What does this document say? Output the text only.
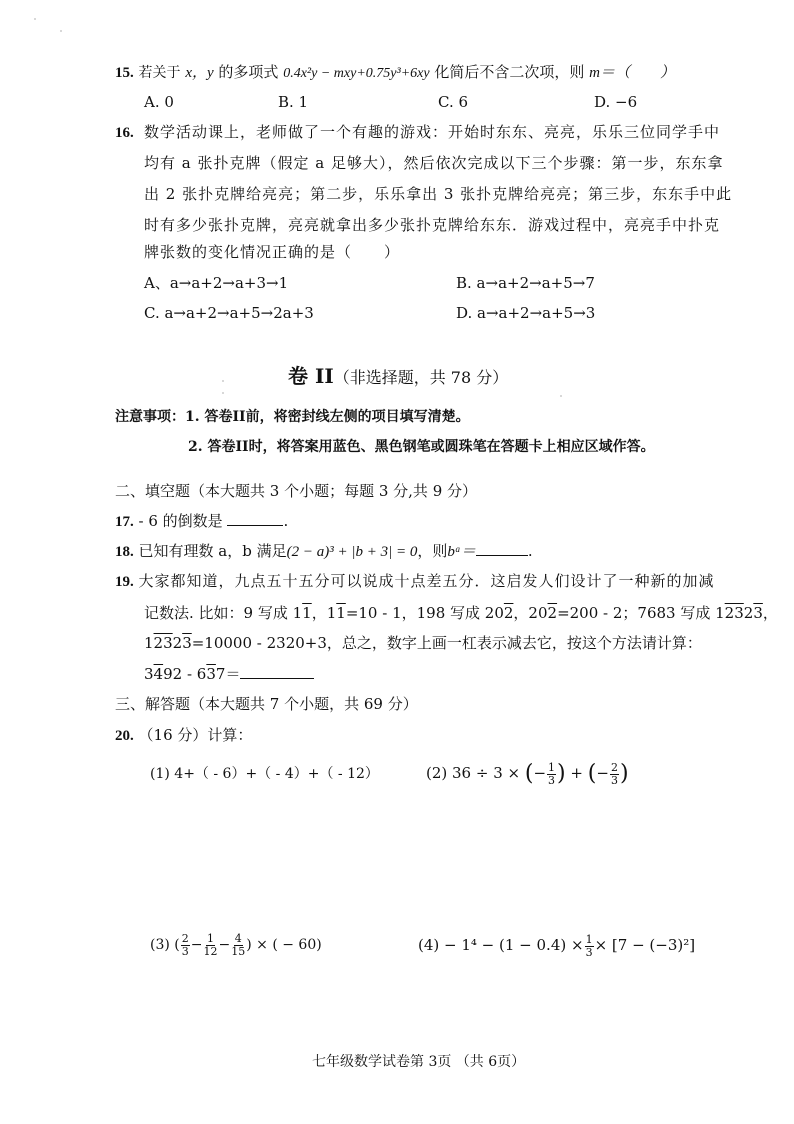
15. 若关于 x，y 的多项式 0.4x²y − mxy+0.75y³+6xy 化简后不含二次项，则 m＝（　　）
A. 0	B. 1	C. 6	D. −6
16. 数学活动课上，老师做了一个有趣的游戏：开始时东东、亮亮，乐乐三位同学手中
均有 a 张扑克牌（假定 a 足够大），然后依次完成以下三个步骤：第一步，东东拿
出 2 张扑克牌给亮亮；第二步，乐乐拿出 3 张扑克牌给亮亮；第三步，东东手中此
时有多少张扑克牌，亮亮就拿出多少张扑克牌给东东．游戏过程中，亮亮手中扑克
牌张数的变化情况正确的是（　　）
A、a→a+2→a+3→1	B. a→a+2→a+5→7
C. a→a+2→a+5→2a+3	D. a→a+2→a+5→3
卷 II（非选择题，共 78 分）
注意事项：1. 答卷II前，将密封线左侧的项目填写清楚。
2. 答卷II时，将答案用蓝色、黑色钢笔或圆珠笔在答题卡上相应区域作答。
二、填空题（本大题共 3 个小题；每题 3 分,共 9 分）
17. - 6 的倒数是	.
18. 已知有理数 a，b 满足(2 − a)³ + |b + 3| = 0，则bᵃ＝	.
19. 大家都知道，九点五十五分可以说成十点差五分．这启发人们设计了一种新的加减
记数法. 比如：9 写成 11，11=10 - 1，198 写成 202，202=200 - 2；7683 写成 12323，
12323=10000 - 2320+3，总之，数字上画一杠表示减去它，按这个方法请计算：
3492 - 637＝
三、解答题（本大题共 7 个小题，共 69 分）
20. （16 分）计算：
(1) 4+（ - 6）+（ - 4）+（ - 12）	(2) 36 ÷ 3 × (− $\frac{1}{3}$ ) + (− $\frac{2}{3}$ )
(3) ( $\frac{2}{3} - \frac{1}{12} - \frac{4}{15}$ ) × ( − 60)	$(4) - 1^4 - (1 - 0.4) \times \frac{1}{3} \times [7 - (-3)^2]$
七年级数学试卷第 3页 （共 6页）
